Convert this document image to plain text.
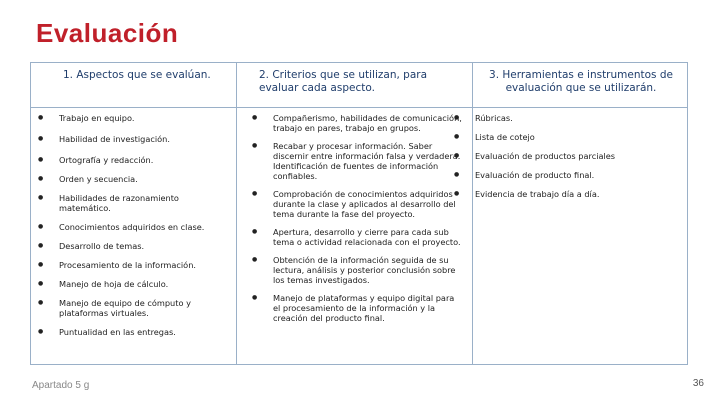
Evaluación
1. Aspectos que se evalúan.	2. Criterios que se utilizan, para evaluar cada aspecto.
3. Herramientas e instrumentos de evaluación que se utilizarán.
● Trabajo en equipo.
● Habilidad de investigación.
● Ortografía y redacción.
● Orden y secuencia.
● Habilidades de razonamiento matemático.
● Conocimientos adquiridos en clase.
● Desarrollo de temas.
● Procesamiento de la información.
● Manejo de hoja de cálculo.
● Manejo de equipo de cómputo y plataformas virtuales.
● Puntualidad en las entregas.
● Compañerismo, habilidades de comunicación, trabajo en pares, trabajo en grupos.
● Recabar y procesar información. Saber discernir entre información falsa y verdadera. Identificación de fuentes de información confiables.
● Comprobación de conocimientos adquiridos durante la clase y aplicados al desarrollo del tema durante la fase del proyecto.
● Apertura, desarrollo y cierre para cada sub tema o actividad relacionada con el proyecto.
● Obtención de la información seguida de su lectura, análisis y posterior conclusión sobre los temas investigados.
● Manejo de plataformas y equipo digital para el procesamiento de la información y la creación del producto final.
● Rúbricas.
● Lista de cotejo
● Evaluación de productos parciales
● Evaluación de producto final.
● Evidencia de trabajo día a día.
Apartado 5 g	36
